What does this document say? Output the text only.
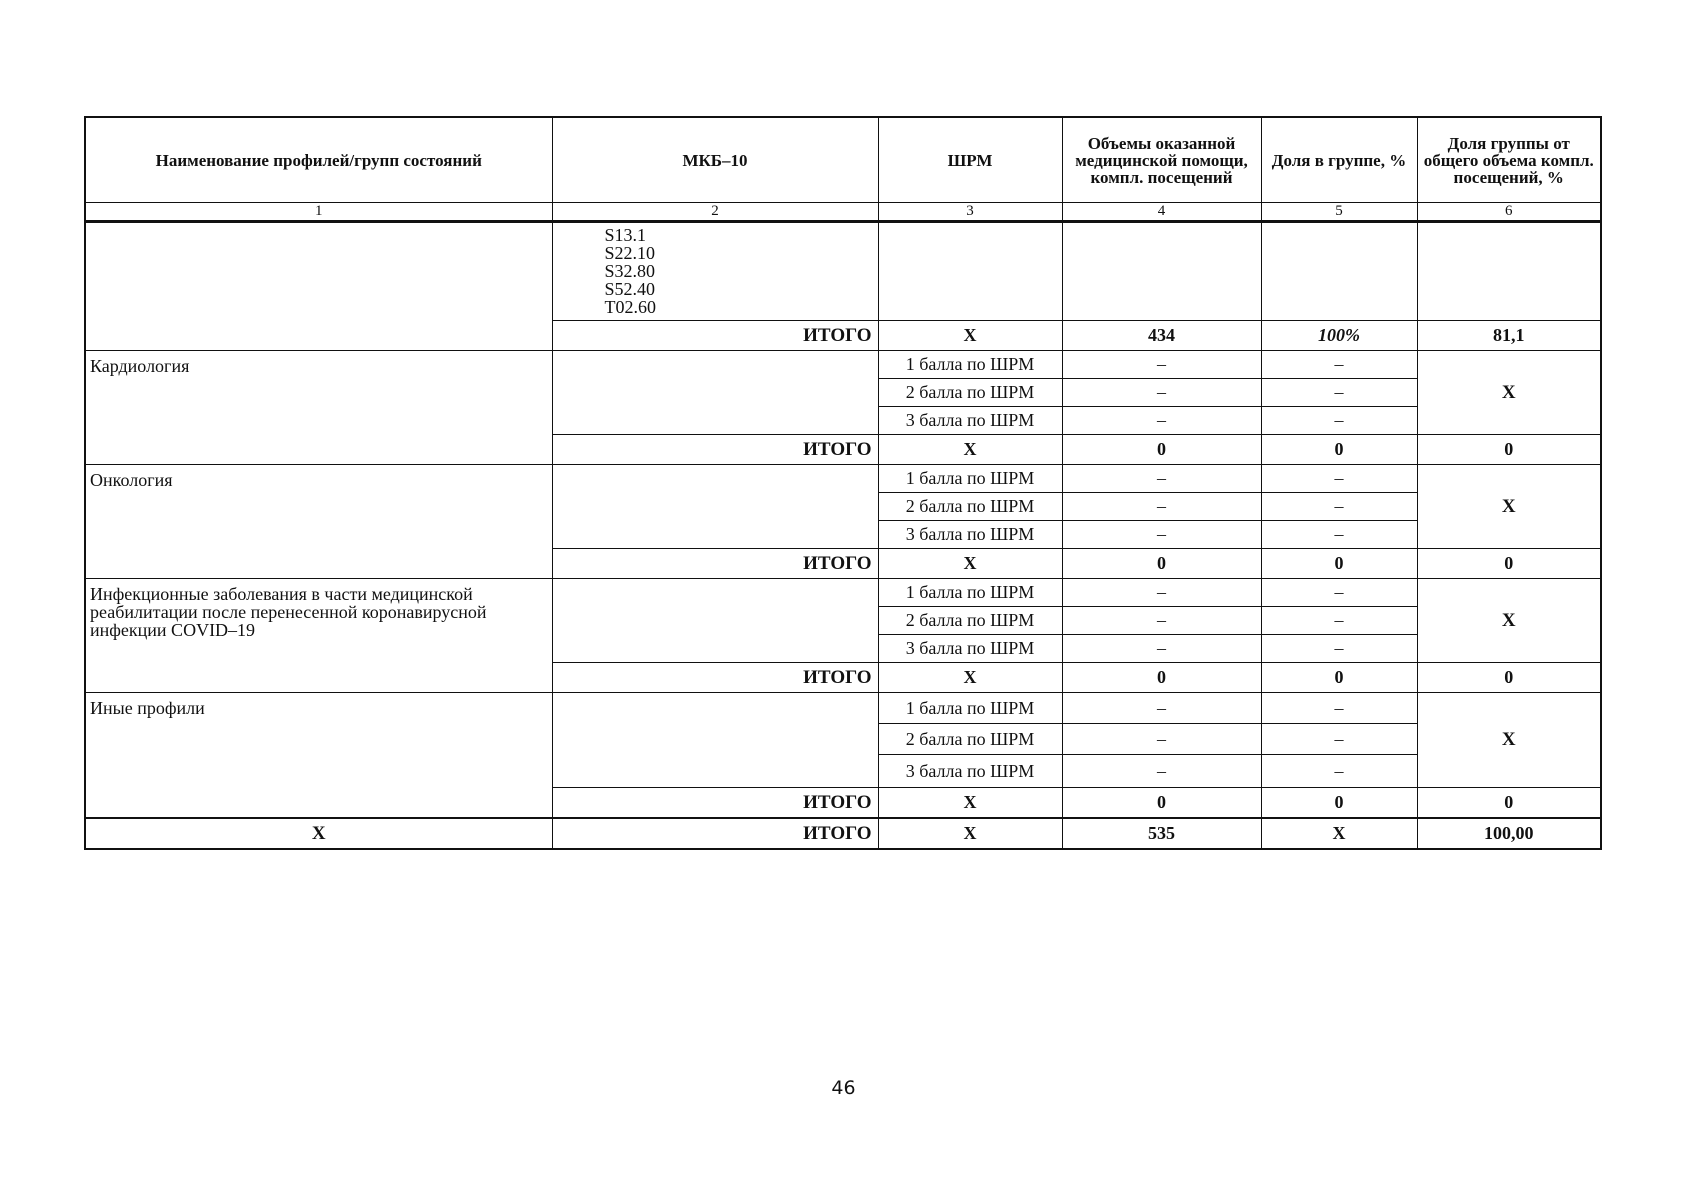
Наименование профилей/групп состояний	МКБ–10	ШРМ	Объемы оказанной медицинской помощи, компл. посещений	Доля в группе, %	Доля группы от общего объема компл. посещений, %
1	2	3	4	5	6

	S13.1
S22.10
S32.80
S52.40
T02.60				

	ИТОГО	Х	434	100%	81,1
Кардиология		1 балла по ШРМ	–	–	Х
		2 балла по ШРМ	–	–	
		3 балла по ШРМ	–	–	
	ИТОГО	Х	0	0	0
Онкология		1 балла по ШРМ	–	–	Х
		2 балла по ШРМ	–	–	
		3 балла по ШРМ	–	–	
	ИТОГО	Х	0	0	0
Инфекционные заболевания в части медицинской реабилитации после перенесенной коронавирусной инфекции COVID–19		1 балла по ШРМ	–	–	Х
		2 балла по ШРМ	–	–	
		3 балла по ШРМ	–	–	
	ИТОГО	Х	0	0	0
Иные профили		1 балла по ШРМ	–	–	Х
		2 балла по ШРМ	–	–	
		3 балла по ШРМ	–	–	
	ИТОГО	Х	0	0	0
Х	ИТОГО	Х	535	Х	100,00
46
